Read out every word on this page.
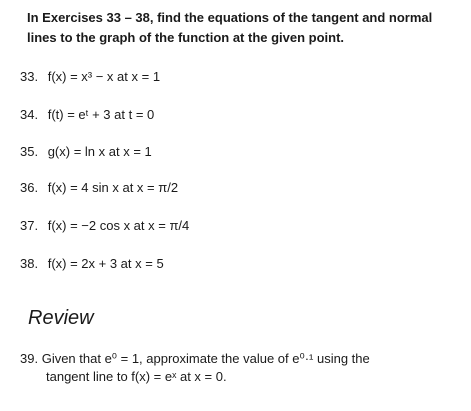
In Exercises 33 – 38, find the equations of the tangent and normal lines to the graph of the function at the given point.
33. f(x) = x³ − x at x = 1
34. f(t) = eᵗ + 3 at t = 0
35. g(x) = ln x at x = 1
36. f(x) = 4 sin x at x = π/2
37. f(x) = −2 cos x at x = π/4
38. f(x) = 2x + 3 at x = 5
Review
39. Given that e⁰ = 1, approximate the value of e⁰·¹ using the
tangent line to f(x) = eˣ at x = 0.
